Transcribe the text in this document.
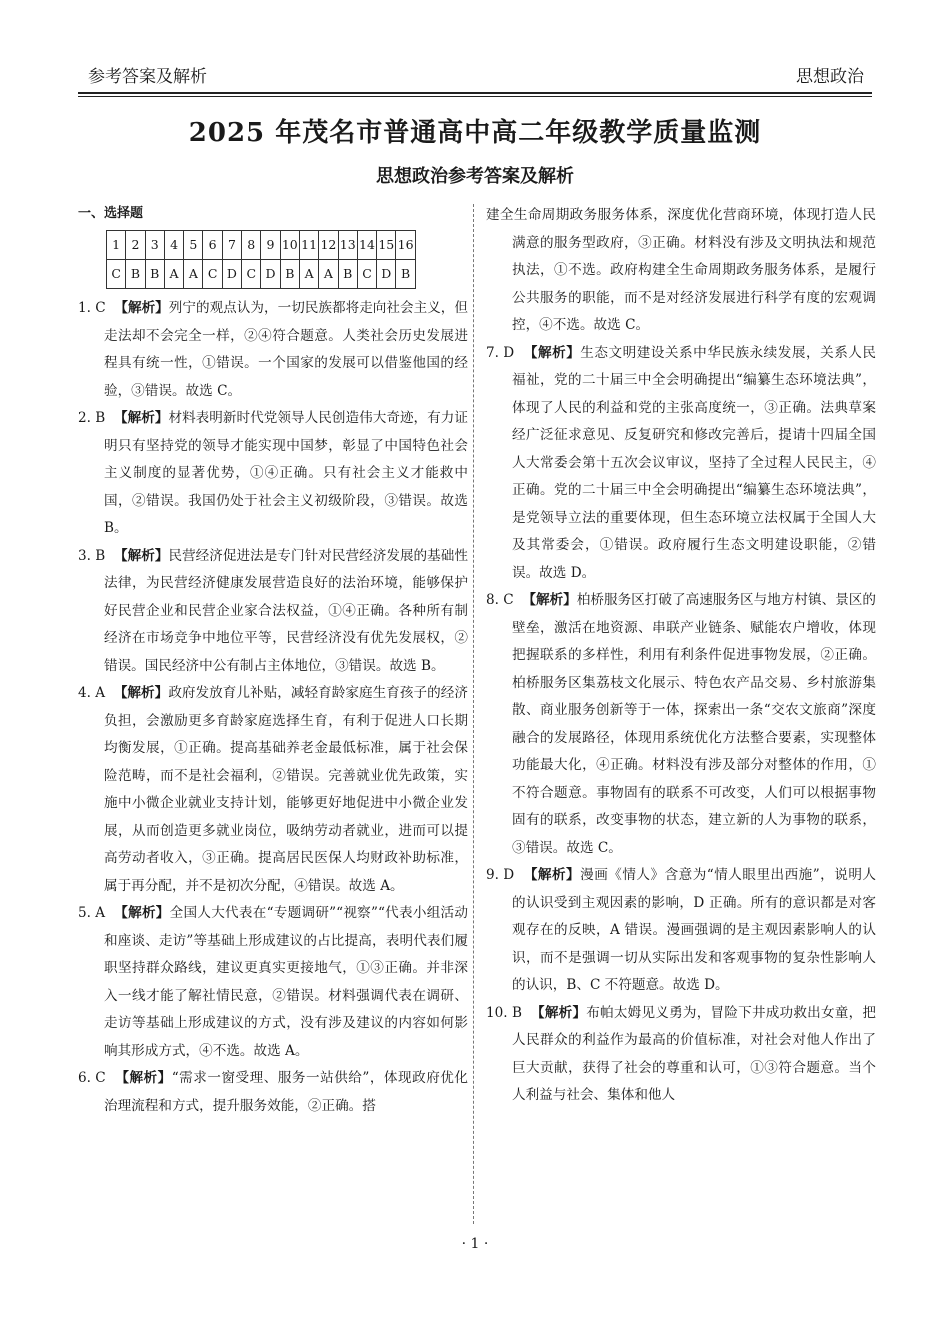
参考答案及解析	思想政治
2025 年茂名市普通高中高二年级教学质量监测
思想政治参考答案及解析
一、选择题
1	2	3	4	5	6	7	8	9	10	11	12	13	14	15	16
C	B	B	A	A	C	D	C	D	B	A	A	B	C	D	B
1. C 【解析】列宁的观点认为，一切民族都将走向社会主义，但走法却不会完全一样，②④符合题意。人类社会历史发展进程具有统一性，①错误。一个国家的发展可以借鉴他国的经验，③错误。故选 C。
2. B 【解析】材料表明新时代党领导人民创造伟大奇迹，有力证明只有坚持党的领导才能实现中国梦，彰显了中国特色社会主义制度的显著优势，①④正确。只有社会主义才能救中国，②错误。我国仍处于社会主义初级阶段，③错误。故选 B。
3. B 【解析】民营经济促进法是专门针对民营经济发展的基础性法律，为民营经济健康发展营造良好的法治环境，能够保护好民营企业和民营企业家合法权益，①④正确。各种所有制经济在市场竞争中地位平等，民营经济没有优先发展权，②错误。国民经济中公有制占主体地位，③错误。故选 B。
4. A 【解析】政府发放育儿补贴，减轻育龄家庭生育孩子的经济负担，会激励更多育龄家庭选择生育，有利于促进人口长期均衡发展，①正确。提高基础养老金最低标准，属于社会保险范畴，而不是社会福利，②错误。完善就业优先政策，实施中小微企业就业支持计划，能够更好地促进中小微企业发展，从而创造更多就业岗位，吸纳劳动者就业，进而可以提高劳动者收入，③正确。提高居民医保人均财政补助标准，属于再分配，并不是初次分配，④错误。故选 A。
5. A 【解析】全国人大代表在“专题调研”“视察”“代表小组活动和座谈、走访”等基础上形成建议的占比提高，表明代表们履职坚持群众路线，建议更真实更接地气，①③正确。并非深入一线才能了解社情民意，②错误。材料强调代表在调研、走访等基础上形成建议的方式，没有涉及建议的内容如何影响其形成方式，④不选。故选 A。
6. C 【解析】“需求一窗受理、服务一站供给”，体现政府优化治理流程和方式，提升服务效能，②正确。搭
建全生命周期政务服务体系，深度优化营商环境，体现打造人民满意的服务型政府，③正确。材料没有涉及文明执法和规范执法，①不选。政府构建全生命周期政务服务体系，是履行公共服务的职能，而不是对经济发展进行科学有度的宏观调控，④不选。故选 C。
7. D 【解析】生态文明建设关系中华民族永续发展，关系人民福祉，党的二十届三中全会明确提出“编纂生态环境法典”，体现了人民的利益和党的主张高度统一，③正确。法典草案经广泛征求意见、反复研究和修改完善后，提请十四届全国人大常委会第十五次会议审议，坚持了全过程人民民主，④正确。党的二十届三中全会明确提出“编纂生态环境法典”，是党领导立法的重要体现，但生态环境立法权属于全国人大及其常委会，①错误。政府履行生态文明建设职能，②错误。故选 D。
8. C 【解析】柏桥服务区打破了高速服务区与地方村镇、景区的壁垒，激活在地资源、串联产业链条、赋能农户增收，体现把握联系的多样性，利用有利条件促进事物发展，②正确。柏桥服务区集荔枝文化展示、特色农产品交易、乡村旅游集散、商业服务创新等于一体，探索出一条“交农文旅商”深度融合的发展路径，体现用系统优化方法整合要素，实现整体功能最大化，④正确。材料没有涉及部分对整体的作用，①不符合题意。事物固有的联系不可改变，人们可以根据事物固有的联系，改变事物的状态，建立新的人为事物的联系，③错误。故选 C。
9. D 【解析】漫画《情人》含意为“情人眼里出西施”，说明人的认识受到主观因素的影响，D 正确。所有的意识都是对客观存在的反映，A 错误。漫画强调的是主观因素影响人的认识，而不是强调一切从实际出发和客观事物的复杂性影响人的认识，B、C 不符题意。故选 D。
10. B 【解析】布帕太姆见义勇为，冒险下井成功救出女童，把人民群众的利益作为最高的价值标准，对社会对他人作出了巨大贡献，获得了社会的尊重和认可，①③符合题意。当个人利益与社会、集体和他人
· 1 ·
